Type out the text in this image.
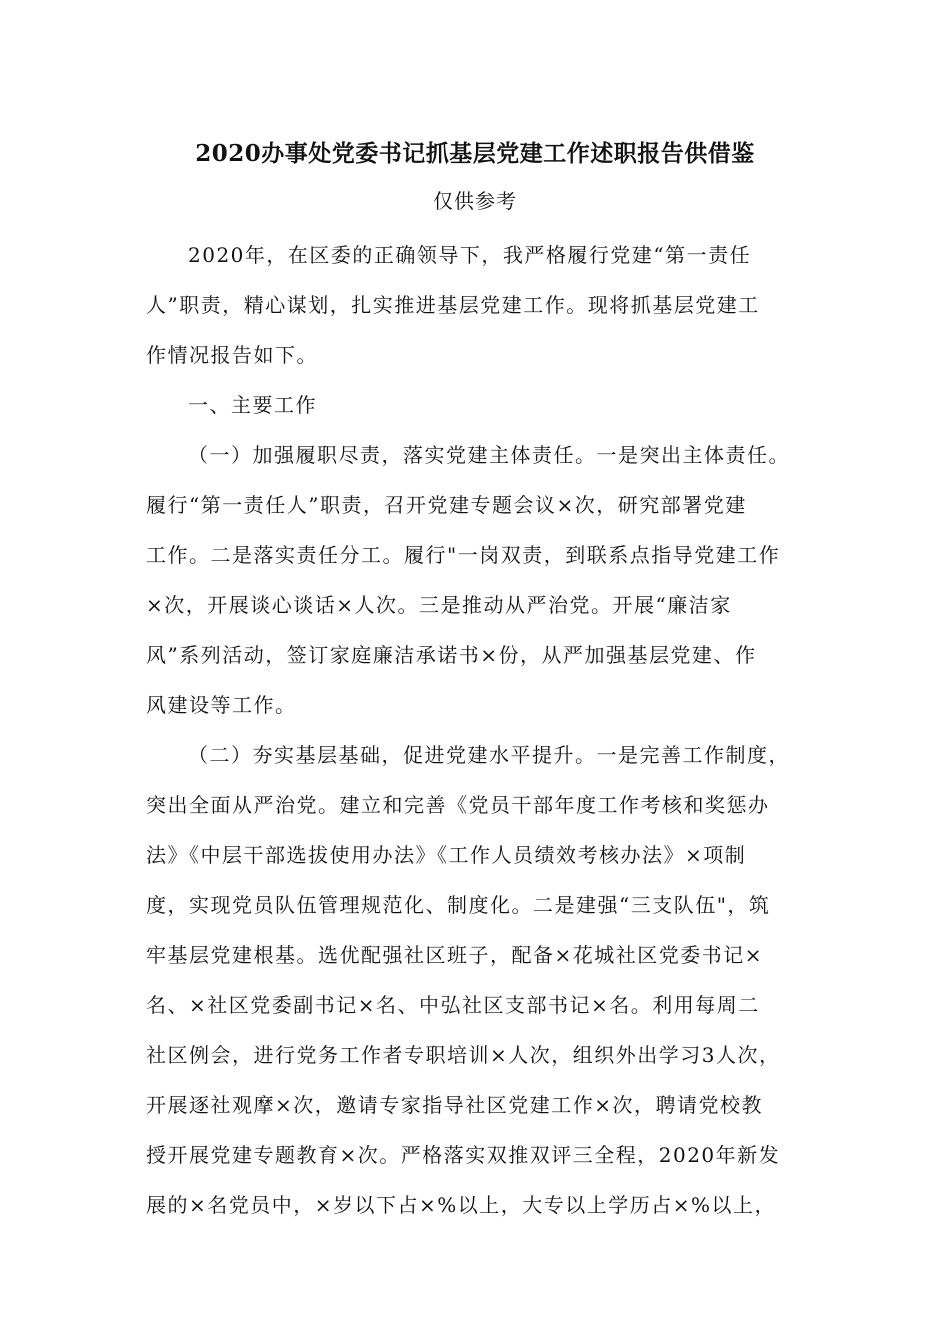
2020办事处党委书记抓基层党建工作述职报告供借鉴
仅供参考
2020年，在区委的正确领导下，我严格履行党建“第一责任
人”职责，精心谋划，扎实推进基层党建工作。现将抓基层党建工
作情况报告如下。
一、主要工作
（一）加强履职尽责，落实党建主体责任。一是突出主体责任。
履行“第一责任人”职责，召开党建专题会议×次，研究部署党建
工作。二是落实责任分工。履行"一岗双责，到联系点指导党建工作
×次，开展谈心谈话×人次。三是推动从严治党。开展“廉洁家
风”系列活动，签订家庭廉洁承诺书×份，从严加强基层党建、作
风建设等工作。
（二）夯实基层基础，促进党建水平提升。一是完善工作制度，
突出全面从严治党。建立和完善《党员干部年度工作考核和奖惩办
法》《中层干部选拔使用办法》《工作人员绩效考核办法》×项制
度，实现党员队伍管理规范化、制度化。二是建强“三支队伍"，筑
牢基层党建根基。选优配强社区班子，配备×花城社区党委书记×
名、×社区党委副书记×名、中弘社区支部书记×名。利用每周二
社区例会，进行党务工作者专职培训×人次，组织外出学习3人次，
开展逐社观摩×次，邀请专家指导社区党建工作×次，聘请党校教
授开展党建专题教育×次。严格落实双推双评三全程，2020年新发
展的×名党员中，×岁以下占×%以上，大专以上学历占×%以上，
